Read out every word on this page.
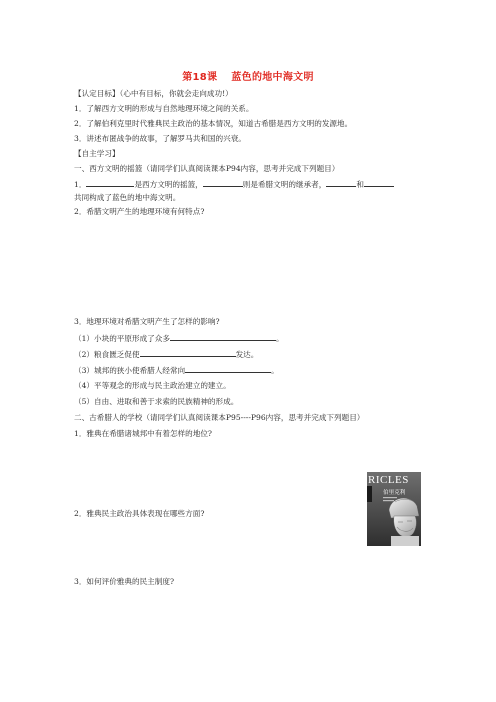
第18课 蓝色的地中海文明
【认定目标】（心中有目标，你就会走向成功!）
1．了解西方文明的形成与自然地理环境之间的关系。
2．了解伯利克里时代雅典民主政治的基本情况，知道古希腊是西方文明的发源地。
3．讲述布匿战争的故事，了解罗马共和国的兴衰。
【自主学习】
一、西方文明的摇篮（请同学们认真阅读课本P94内容，思考并完成下列题目）
1．	是西方文明的摇篮，	则是希腊文明的继承者，	和
共同构成了蓝色的地中海文明。
2．希腊文明产生的地理环境有何特点?
3．地理环境对希腊文明产生了怎样的影响?
（1）小块的平原形成了众多	。
（2）粮食匮乏促使	发达。
（3）城邦的狭小使希腊人经常向	。
（4）平等观念的形成与民主政治建立的建立。
（5）自由、进取和善于求索的民族精神的形成。
二、古希腊人的学校（请同学们认真阅读课本P95----P96内容，思考并完成下列题目）
1．雅典在希腊诸城邦中有着怎样的地位?
2．雅典民主政治具体表现在哪些方面?
3．如何评价雅典的民主制度?
RICLES
伯里克利
